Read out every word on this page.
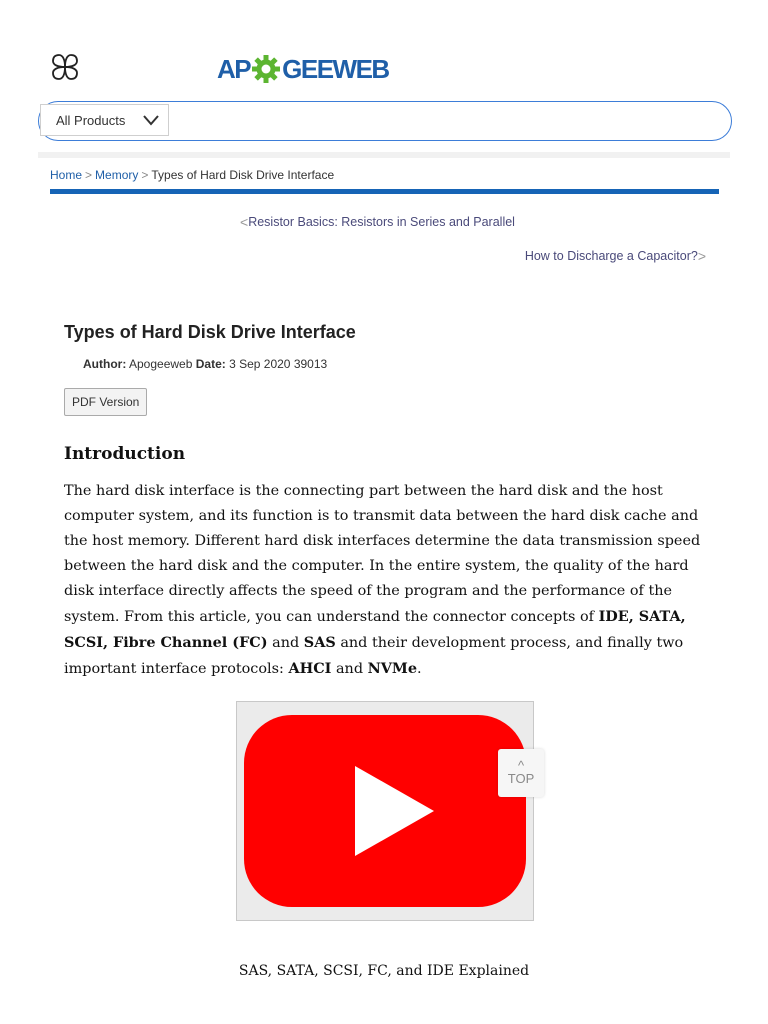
AP GEEWEB
All Products
Home > Memory > Types of Hard Disk Drive Interface
< Resistor Basics: Resistors in Series and Parallel
How to Discharge a Capacitor? >
Types of Hard Disk Drive Interface
Author: Apogeeweb Date: 3 Sep 2020 39013
PDF Version
Introduction

The hard disk interface is the connecting part between the hard disk and the host computer system, and its function is to transmit data between the hard disk cache and the host memory. Different hard disk interfaces determine the data transmission speed between the hard disk and the computer. In the entire system, the quality of the hard disk interface directly affects the speed of the program and the performance of the system. From this article, you can understand the connector concepts of IDE, SATA, SCSI, Fibre Channel (FC) and SAS and their development process, and finally two important interface protocols: AHCI and NVMe.

^
TOP
SAS, SATA, SCSI, FC, and IDE Explained
